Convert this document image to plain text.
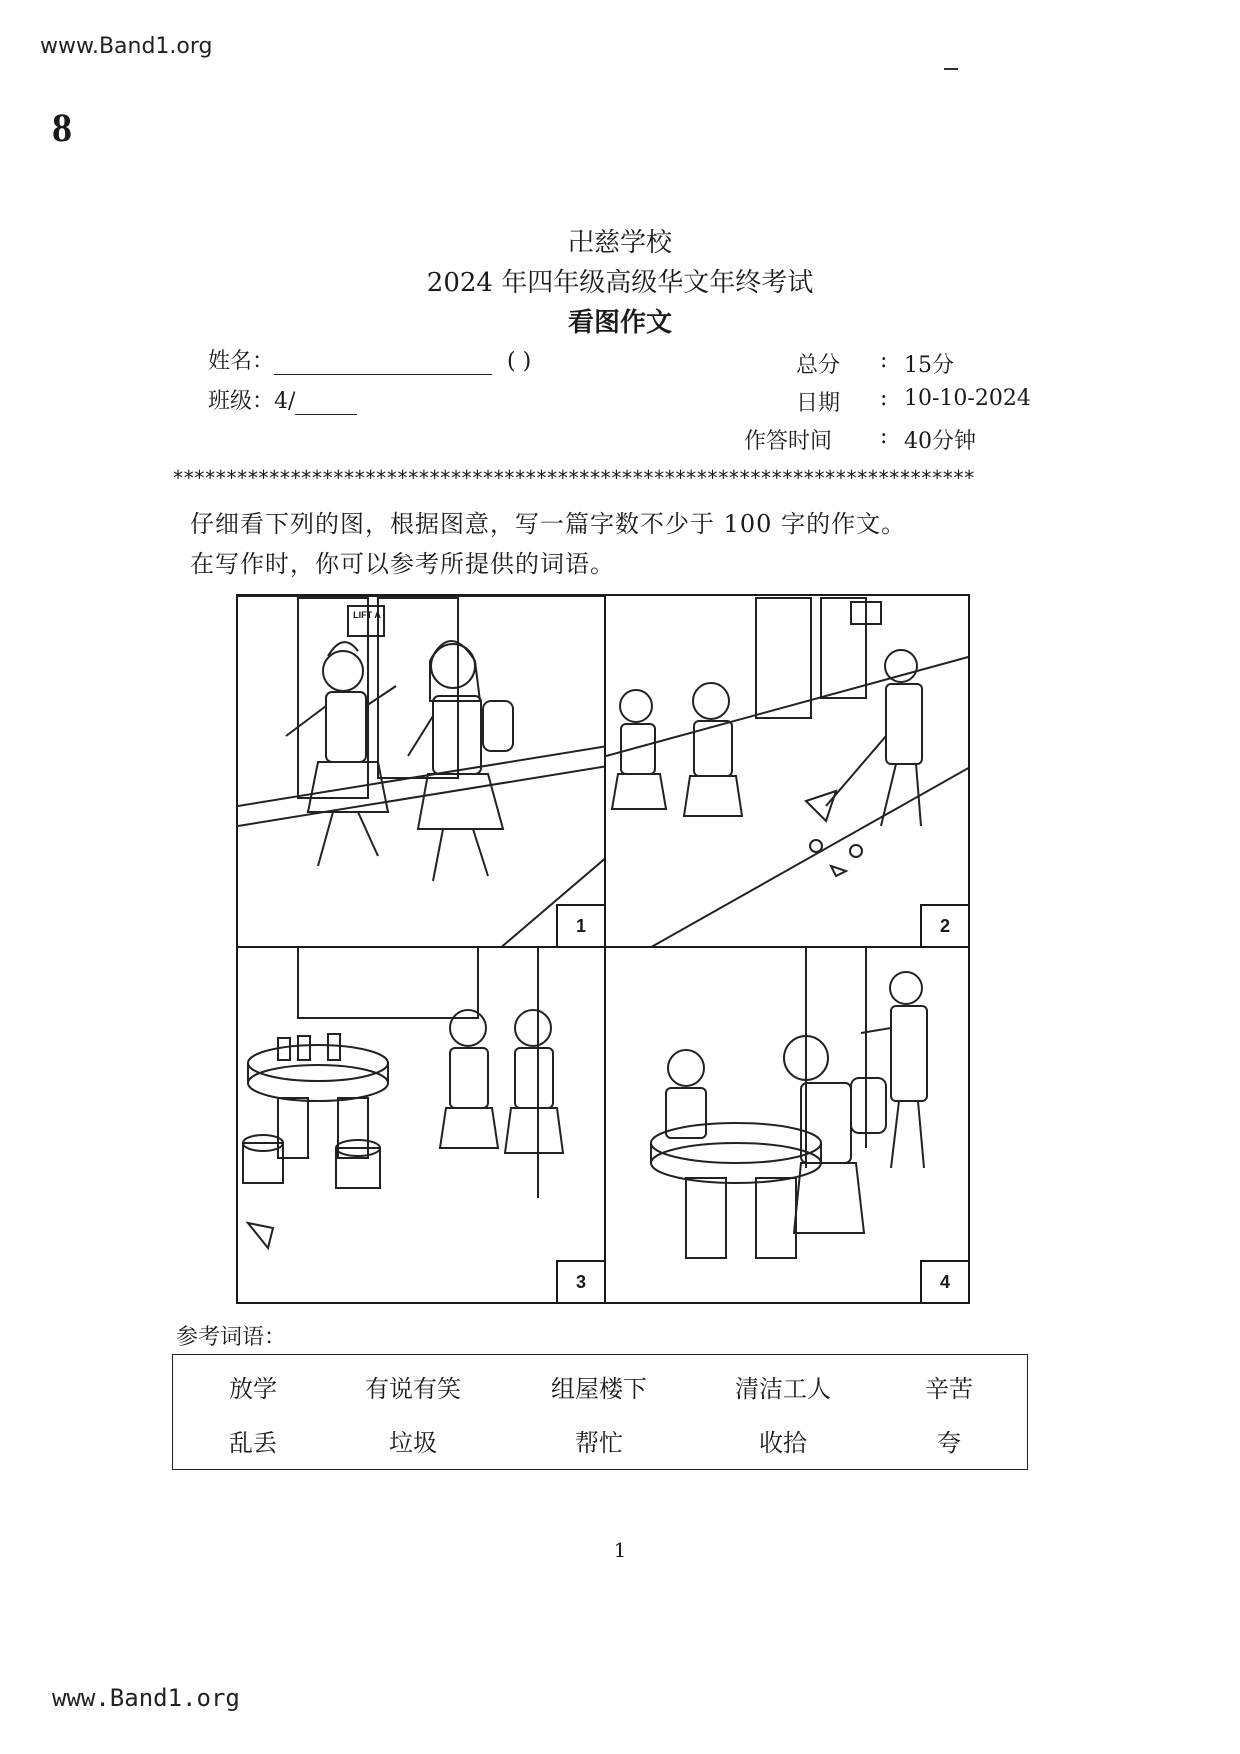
www.Band1.org
8
卍慈学校
2024 年四年级高级华文年终考试
看图作文
姓名：	( )
班级：4/
总分 : 15分
日期 : 10-10-2024
作答时间 : 40分钟
***************************************************************************
仔细看下列的图，根据图意，写一篇字数不少于 100 字的作文。
在写作时，你可以参考所提供的词语。
LIFT A
1	2
3	4
参考词语：
放学	有说有笑	组屋楼下	清洁工人	辛苦
乱丢	垃圾	帮忙	收拾	夸
1
www.Band1.org
